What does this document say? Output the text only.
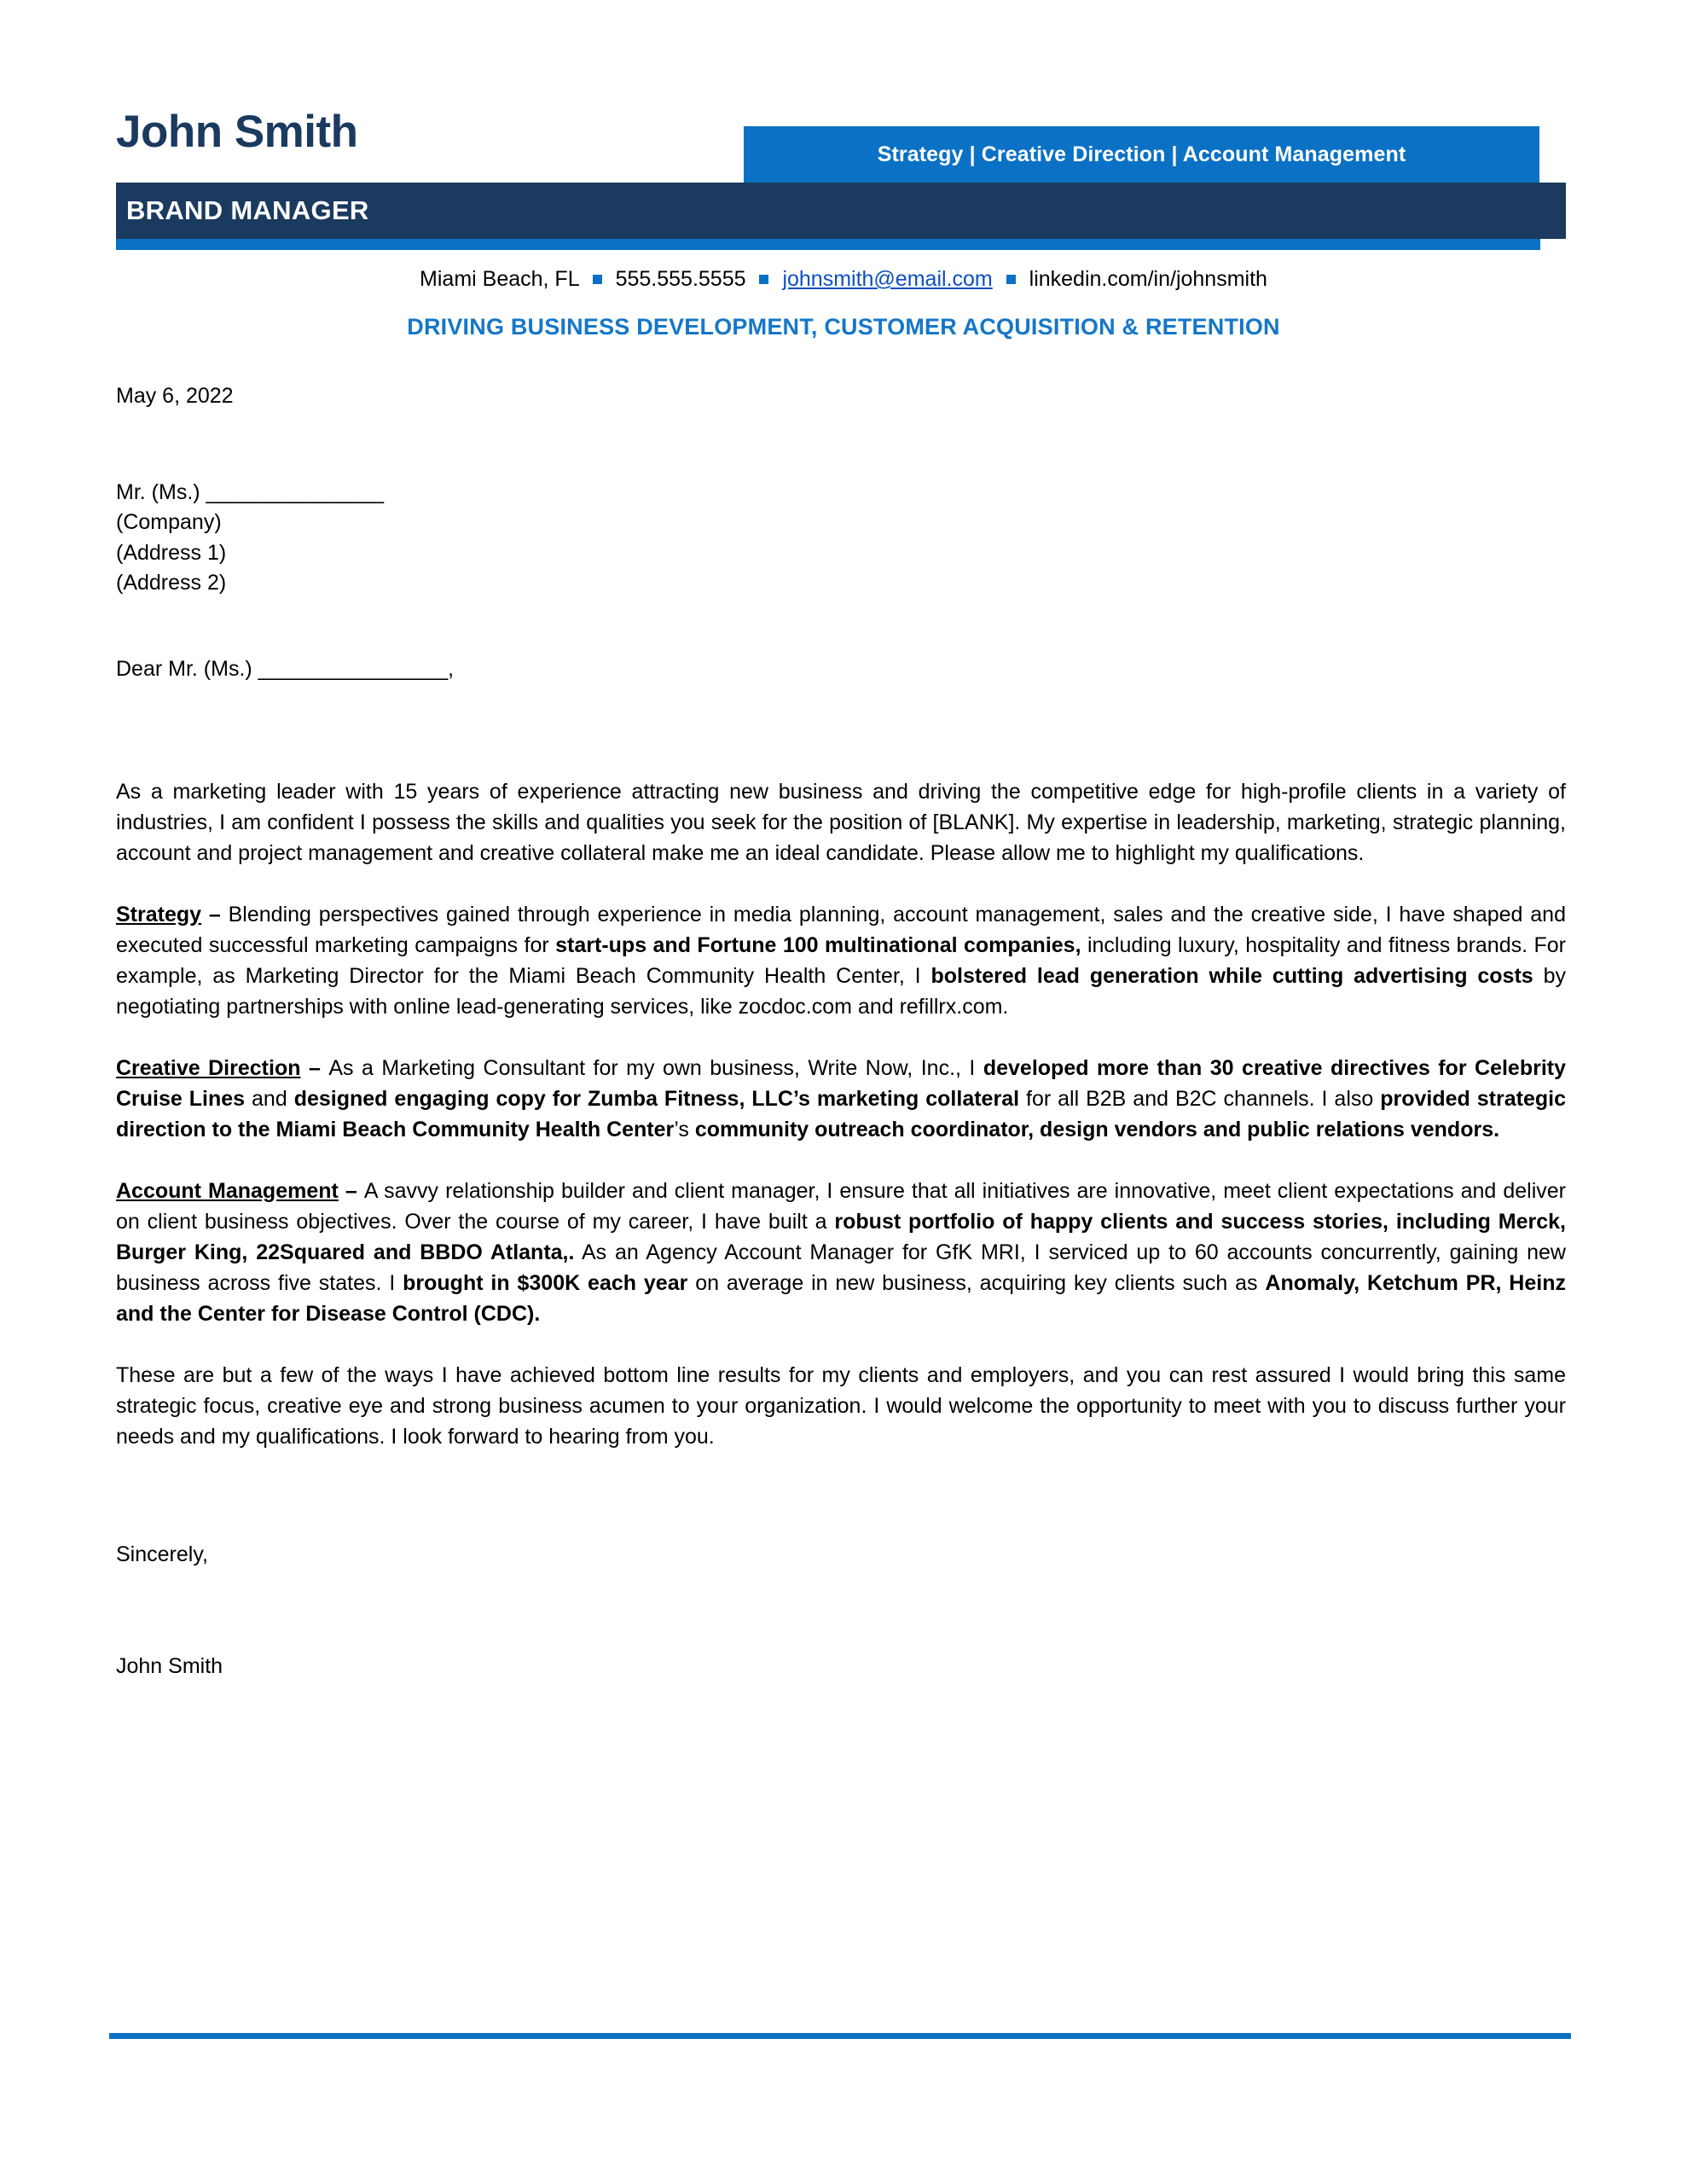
John Smith	Strategy | Creative Direction | Account Management
BRAND MANAGER
Miami Beach, FL 555.555.5555 johnsmith@email.com linkedin.com/in/johnsmith
DRIVING BUSINESS DEVELOPMENT, CUSTOMER ACQUISITION & RETENTION
May 6, 2022
Mr. (Ms.) _______________
(Company)
(Address 1)
(Address 2)
Dear Mr. (Ms.) ________________,

As a marketing leader with 15 years of experience attracting new business and driving the competitive edge for high-profile clients in a variety of industries, I am confident I possess the skills and qualities you seek for the position of [BLANK]. My expertise in leadership, marketing, strategic planning, account and project management and creative collateral make me an ideal candidate. Please allow me to highlight my qualifications.

Strategy – Blending perspectives gained through experience in media planning, account management, sales and the creative side, I have shaped and executed successful marketing campaigns for start-ups and Fortune 100 multinational companies, including luxury, hospitality and fitness brands. For example, as Marketing Director for the Miami Beach Community Health Center, I bolstered lead generation while cutting advertising costs by negotiating partnerships with online lead-generating services, like zocdoc.com and refillrx.com.

Creative Direction – As a Marketing Consultant for my own business, Write Now, Inc., I developed more than 30 creative directives for Celebrity Cruise Lines and designed engaging copy for Zumba Fitness, LLC’s marketing collateral for all B2B and B2C channels. I also provided strategic direction to the Miami Beach Community Health Center’s community outreach coordinator, design vendors and public relations vendors.

Account Management – A savvy relationship builder and client manager, I ensure that all initiatives are innovative, meet client expectations and deliver on client business objectives. Over the course of my career, I have built a robust portfolio of happy clients and success stories, including Merck, Burger King, 22Squared and BBDO Atlanta,. As an Agency Account Manager for GfK MRI, I serviced up to 60 accounts concurrently, gaining new business across five states. I brought in $300K each year on average in new business, acquiring key clients such as Anomaly, Ketchum PR, Heinz and the Center for Disease Control (CDC).

These are but a few of the ways I have achieved bottom line results for my clients and employers, and you can rest assured I would bring this same strategic focus, creative eye and strong business acumen to your organization. I would welcome the opportunity to meet with you to discuss further your needs and my qualifications. I look forward to hearing from you.

Sincerely,
John Smith
